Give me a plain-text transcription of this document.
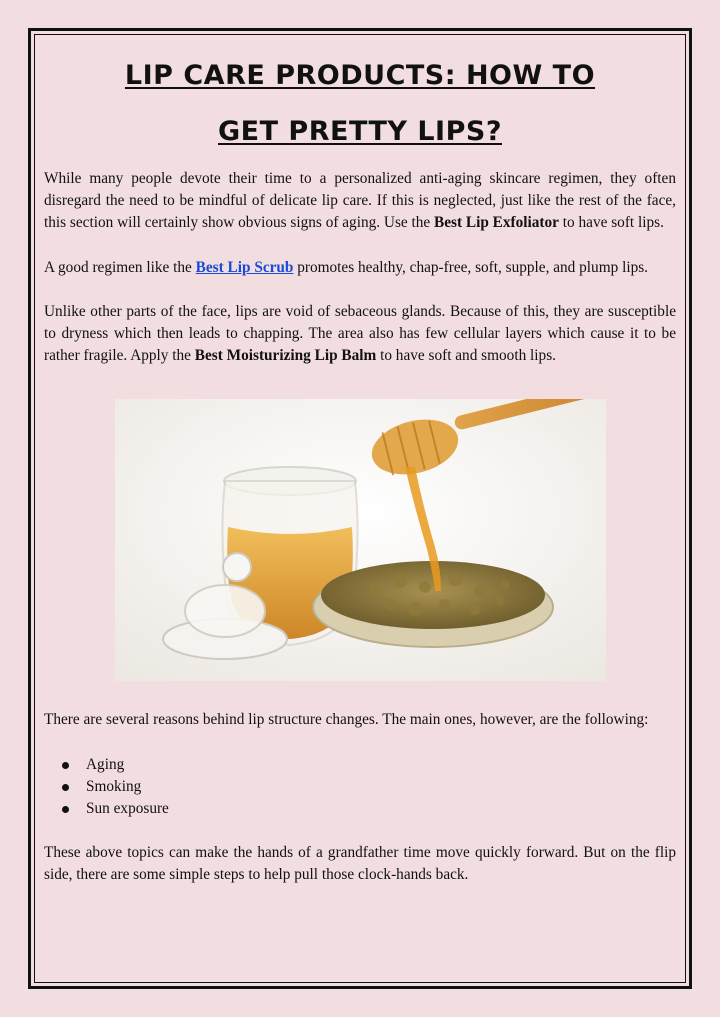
LIP CARE PRODUCTS: HOW TO GET PRETTY LIPS?

While many people devote their time to a personalized anti-aging skincare regimen, they often disregard the need to be mindful of delicate lip care. If this is neglected, just like the rest of the face, this section will certainly show obvious signs of aging. Use the Best Lip Exfoliator to have soft lips.

A good regimen like the Best Lip Scrub promotes healthy, chap-free, soft, supple, and plump lips.

Unlike other parts of the face, lips are void of sebaceous glands. Because of this, they are susceptible to dryness which then leads to chapping. The area also has few cellular layers which cause it to be rather fragile. Apply the Best Moisturizing Lip Balm to have soft and smooth lips.

There are several reasons behind lip structure changes. The main ones, however, are the following:

Aging
Smoking
Sun exposure

These above topics can make the hands of a grandfather time move quickly forward. But on the flip side, there are some simple steps to help pull those clock-hands back.
